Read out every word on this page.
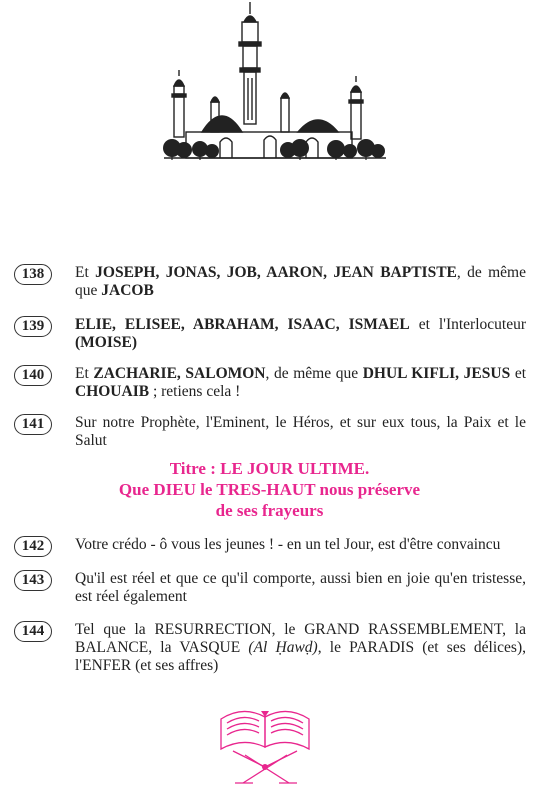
138	Et JOSEPH, JONAS, JOB, AARON, JEAN BAPTISTE, de même que JACOB
139	ELIE, ELISEE, ABRAHAM, ISAAC, ISMAEL et l'Interlocuteur (MOISE)
140	Et ZACHARIE, SALOMON, de même que DHUL KIFLI, JESUS et CHOUAIB ; retiens cela !
141	Sur notre Prophète, l'Eminent, le Héros, et sur eux tous, la Paix et le Salut
Titre : LE JOUR ULTIME.
Que DIEU le TRES-HAUT nous préserve
de ses frayeurs
142	Votre crédo - ô vous les jeunes ! - en un tel Jour, est d'être convaincu
143	Qu'il est réel et que ce qu'il comporte, aussi bien en joie qu'en tristesse, est réel également
144	Tel que la RESURRECTION, le GRAND RASSEMBLEMENT, la BALANCE, la VASQUE (Al Ḥawḍ), le PARADIS (et ses délices), l'ENFER (et ses affres)
